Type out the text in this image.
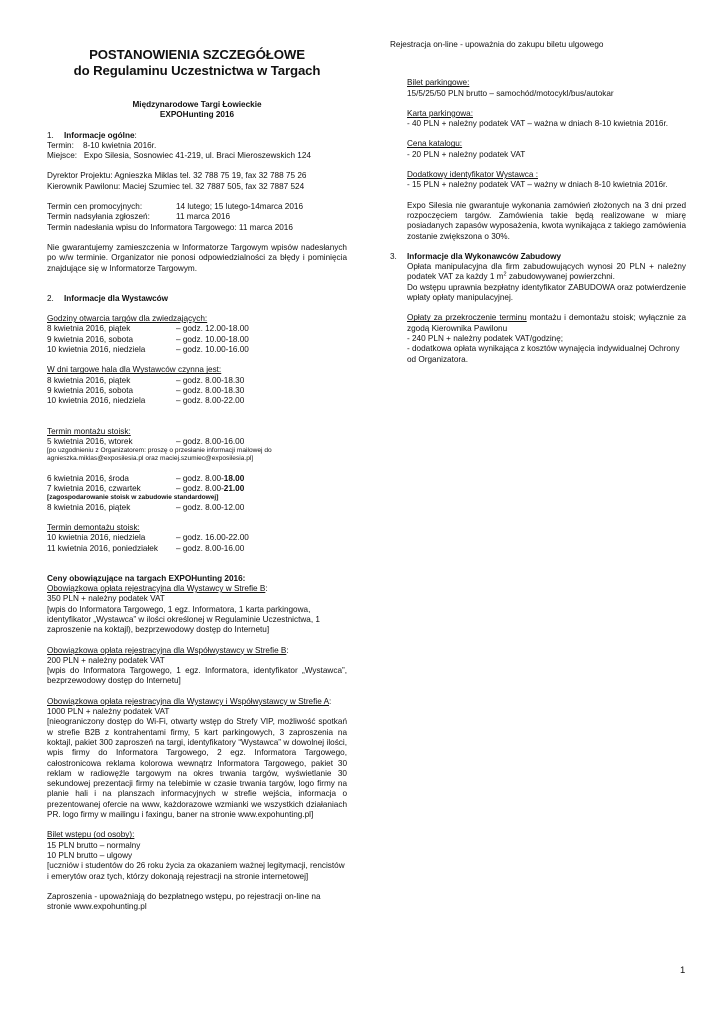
POSTANOWIENIA SZCZEGÓŁOWE

do Regulaminu Uczestnictwa w Targach

Międzynarodowe Targi Łowieckie

EXPOHunting 2016

1.	Informacje ogólne:

Termin: 8-10 kwietnia 2016r.

Miejsce: Expo Silesia, Sosnowiec 41-219, ul. Braci Mieroszewskich 124

Dyrektor Projektu: Agnieszka Miklas tel. 32 788 75 19, fax 32 788 75 26

Kierownik Pawilonu: Maciej Szumiec tel. 32 7887 505, fax 32 7887 524

Termin cen promocyjnych:	14 lutego; 15 lutego-14marca 2016
Termin nadsyłania zgłoszeń:	11 marca 2016

Termin nadesłania wpisu do Informatora Targowego: 11 marca 2016

Nie gwarantujemy zamieszczenia w Informatorze Targowym wpisów nadesłanych po w/w terminie. Organizator nie ponosi odpowiedzialności za błędy i pominięcia znajdujące się w Informatorze Targowym.

2.	Informacje dla Wystawców

Godziny otwarcia targów dla zwiedzających:

8 kwietnia 2016, piątek	– godz. 12.00-18.00
9 kwietnia 2016, sobota	– godz. 10.00-18.00
10 kwietnia 2016, niedziela	– godz. 10.00-16.00

W dni targowe hala dla Wystawców czynna jest:

8 kwietnia 2016, piątek	– godz. 8.00-18.30
9 kwietnia 2016, sobota	– godz. 8.00-18.30
10 kwietnia 2016, niedziela	– godz. 8.00-22.00

Termin montażu stoisk:

5 kwietnia 2016, wtorek	– godz. 8.00-16.00

[po uzgodnieniu z Organizatorem: proszę o przesłanie informacji mailowej do agnieszka.miklas@exposilesia.pl oraz maciej.szumiec@exposilesia.pl]

6 kwietnia 2016, środa	– godz. 8.00-18.00
7 kwietnia 2016, czwartek	– godz. 8.00-21.00

[zagospodarowanie stoisk w zabudowie standardowej]

8 kwietnia 2016, piątek	– godz. 8.00-12.00

Termin demontażu stoisk:

10 kwietnia 2016, niedziela	– godz. 16.00-22.00
11 kwietnia 2016, poniedziałek	– godz. 8.00-16.00

Ceny obowiązujące na targach EXPOHunting 2016:

Obowiązkowa opłata rejestracyjna dla Wystawcy w Strefie B:

350 PLN + należny podatek VAT

[wpis do Informatora Targowego, 1 egz. Informatora, 1 karta parkingowa, identyfikator „Wystawca” w ilości określonej w Regulaminie Uczestnictwa, 1 zaproszenie na koktajl), bezprzewodowy dostęp do Internetu]

Obowiązkowa opłata rejestracyjna dla Współwystawcy w Strefie B:

200 PLN + należny podatek VAT

[wpis do Informatora Targowego, 1 egz. Informatora, identyfikator „Wystawca”, bezprzewodowy dostęp do Internetu]

Obowiązkowa opłata rejestracyjna dla Wystawcy i Współwystawcy w Strefie A:

1000 PLN + należny podatek VAT

[nieograniczony dostęp do Wi-Fi, otwarty wstęp do Strefy VIP, możliwość spotkań w strefie B2B z kontrahentami firmy, 5 kart parkingowych, 3 zaproszenia na koktajl, pakiet 300 zaproszeń na targi, identyfikatory “Wystawca” w dowolnej ilości, wpis firmy do Informatora Targowego, 2 egz. Informatora Targowego, całostronicowa reklama kolorowa wewnątrz Informatora Targowego, pakiet 30 reklam w radiowęźle targowym na okres trwania targów, wyświetlanie 30 sekundowej prezentacji firmy na telebimie w czasie trwania targów, logo firmy na planie hali i na planszach informacyjnych w strefie wejścia, informacja o prezentowanej ofercie na www, każdorazowe wzmianki we wszystkich działaniach PR. logo firmy w mailingu i faxingu, baner na stronie www.expohunting.pl]

Bilet wstępu (od osoby):

15 PLN brutto – normalny

10 PLN brutto – ulgowy

[uczniów i studentów do 26 roku życia za okazaniem ważnej legitymacji, rencistów i emerytów oraz tych, którzy dokonają rejestracji na stronie internetowej]

Zaproszenia - upoważniają do bezpłatnego wstępu, po rejestracji on-line na stronie www.expohunting.pl

Rejestracja on-line - upoważnia do zakupu biletu ulgowego

Bilet parkingowe:

15/5/25/50 PLN brutto – samochód/motocykl/bus/autokar

Karta parkingowa:

- 40 PLN + należny podatek VAT – ważna w dniach 8-10 kwietnia 2016r.

Cena katalogu:

- 20 PLN + należny podatek VAT

Dodatkowy identyfikator Wystawca :

- 15 PLN + należny podatek VAT – ważny w dniach 8-10 kwietnia 2016r.

Expo Silesia nie gwarantuje wykonania zamówień złożonych na 3 dni przed rozpoczęciem targów. Zamówienia takie będą realizowane w miarę posiadanych zapasów wyposażenia, kwota wynikająca z takiego zamówienia zostanie zwiększona o 30%.

3.	Informacje dla Wykonawców Zabudowy

Opłata manipulacyjna dla firm zabudowujących wynosi 20 PLN + należny podatek VAT za każdy 1 $m^2$ zabudowywanej powierzchni.

Do wstępu uprawnia bezpłatny identyfikator ZABUDOWA oraz potwierdzenie wpłaty opłaty manipulacyjnej.

Opłaty za przekroczenie terminu montażu i demontażu stoisk; wyłącznie za zgodą Kierownika Pawilonu

- 240 PLN + należny podatek VAT/godzinę;

- dodatkowa opłata wynikająca z kosztów wynajęcia indywidualnej Ochrony od Organizatora.

1
